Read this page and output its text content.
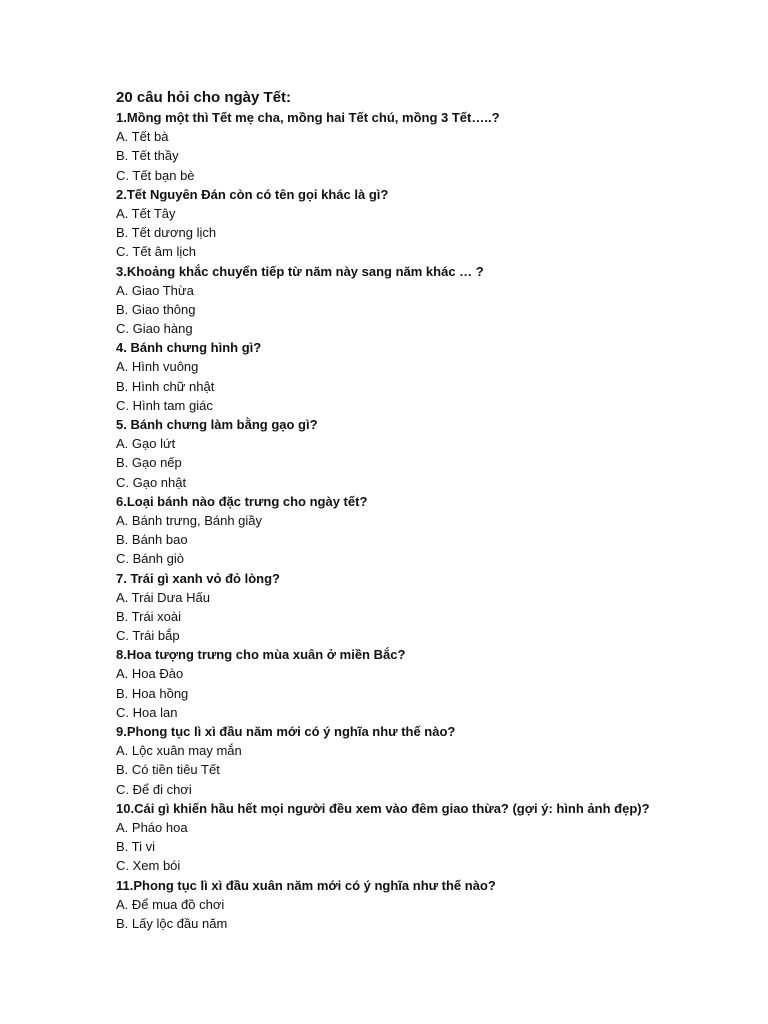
20 câu hỏi cho ngày Tết:
1.Mồng một thì Tết mẹ cha, mồng hai Tết chú, mồng 3 Tết…..?
A. Tết bà
B. Tết thầy
C. Tết bạn bè
2.Tết Nguyên Đán còn có tên gọi khác là gì?
A. Tết Tây
B. Tết dương lịch
C. Tết âm lịch
3.Khoảng khắc chuyển tiếp từ năm này sang năm khác … ?
A. Giao Thừa
B. Giao thông
C. Giao hàng
4. Bánh chưng hình gì?
A. Hình vuông
B. Hình chữ nhật
C. Hình tam giác
5. Bánh chưng làm bằng gạo gì?
A. Gạo lứt
B. Gạo nếp
C. Gạo nhật
6.Loại bánh nào đặc trưng cho ngày tết?
A. Bánh trưng, Bánh giầy
B. Bánh bao
C. Bánh giò
7. Trái gì xanh vỏ đỏ lòng?
A. Trái Dưa Hấu
B. Trái xoài
C. Trái bắp
8.Hoa tượng trưng cho mùa xuân ở miền Bắc?
A. Hoa Đào
B. Hoa hồng
C. Hoa lan
9.Phong tục lì xì đầu năm mới có ý nghĩa như thế nào?
A. Lộc xuân may mắn
B. Có tiền tiêu Tết
C. Để đi chơi
10.Cái gì khiến hầu hết mọi người đều xem vào đêm giao thừa? (gợi ý: hình ảnh đẹp)?
A. Pháo hoa
B. Ti vi
C. Xem bói
11.Phong tục lì xì đầu xuân năm mới có ý nghĩa như thế nào?
A. Để mua đồ chơi
B. Lấy lộc đầu năm
